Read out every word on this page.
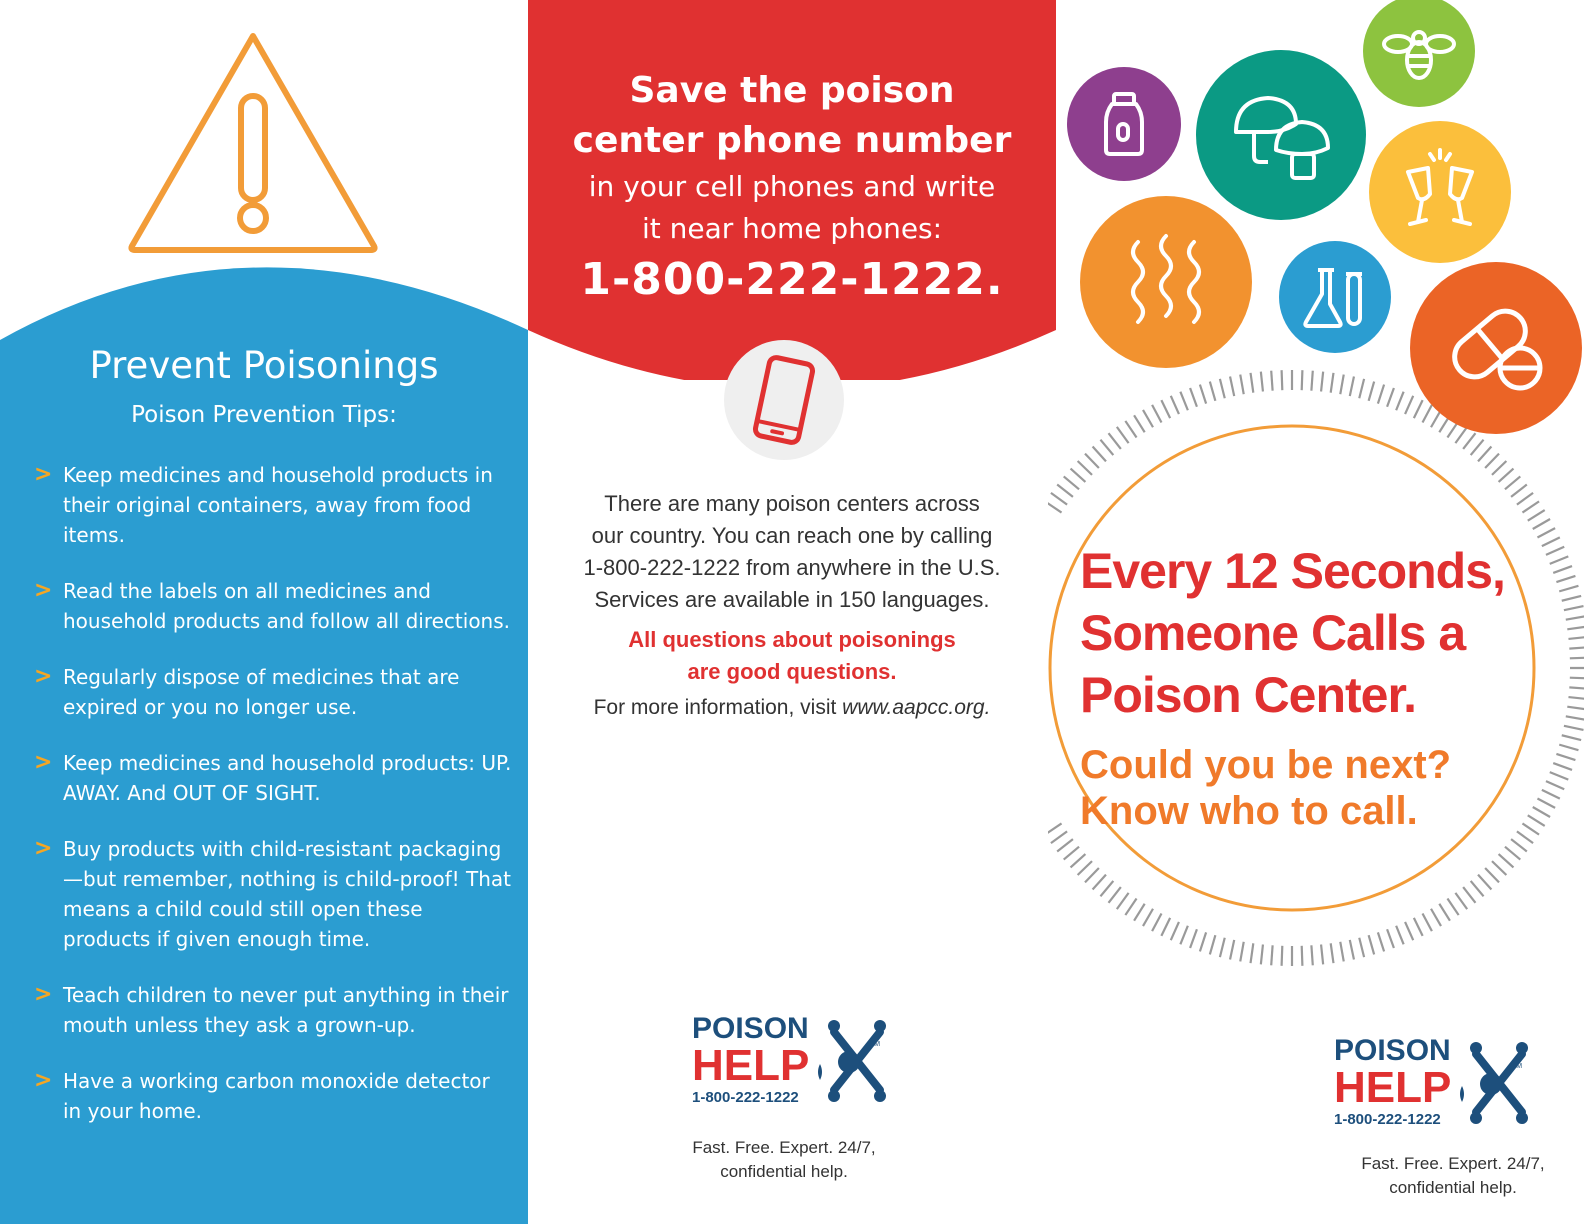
Prevent Poisonings
Poison Prevention Tips:
> Keep medicines and household products in their original containers, away from food items.
> Read the labels on all medicines and household products and follow all directions.
> Regularly dispose of medicines that are expired or you no longer use.
> Keep medicines and household products: UP. AWAY. And OUT OF SIGHT.
> Buy products with child-resistant packaging—but remember, nothing is child-proof! That means a child could still open these products if given enough time.
> Teach children to never put anything in their mouth unless they ask a grown-up.
> Have a working carbon monoxide detector in your home.
Save the poison
center phone number
in your cell phones and write
it near home phones:
1-800-222-1222.
There are many poison centers across
our country. You can reach one by calling
1-800-222-1222 from anywhere in the U.S.
Services are available in 150 languages.
All questions about poisonings
are good questions.
For more information, visit www.aapcc.org.
POISON
HELP
1-800-222-1222
TM
Fast. Free. Expert. 24/7,
confidential help.
Every 12 Seconds,
Someone Calls a
Poison Center.
Could you be next?
Know who to call.
POISON
HELP
1-800-222-1222
TM
Fast. Free. Expert. 24/7,
confidential help.
